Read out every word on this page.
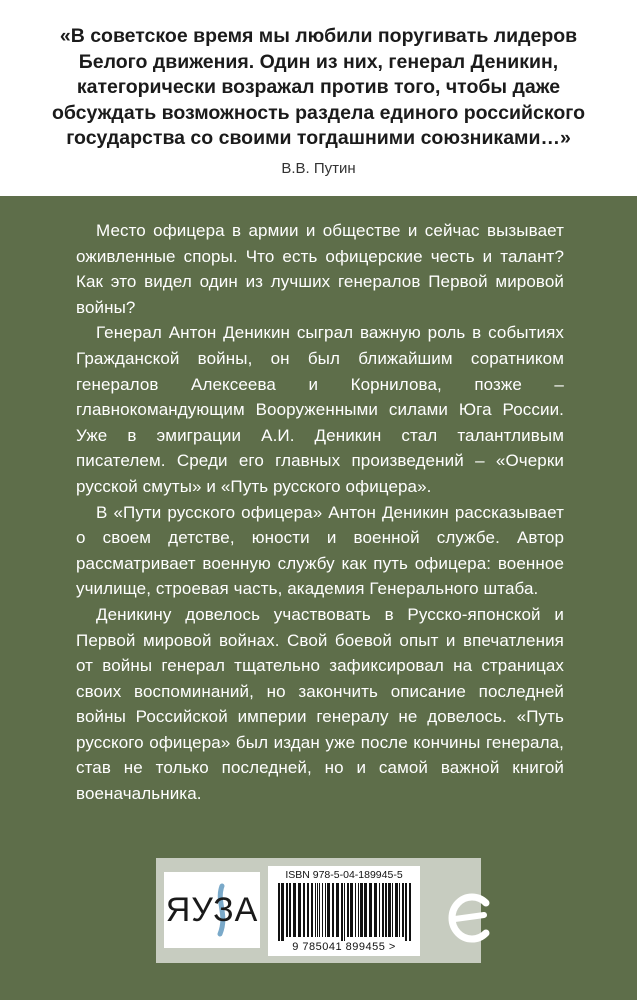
«В советское время мы любили поругивать лидеров Белого движения. Один из них, генерал Деникин, категорически возражал против того, чтобы даже обсуждать возможность раздела единого российского государства со своими тогдашними союзниками…»

В.В. Путин

Место офицера в армии и обществе и сейчас вызывает оживленные споры. Что есть офицерские честь и талант? Как это видел один из лучших генералов Первой мировой войны?

Генерал Антон Деникин сыграл важную роль в событиях Гражданской войны, он был ближайшим соратником генералов Алексеева и Корнилова, позже – главнокомандующим Вооруженными силами Юга России. Уже в эмиграции А.И. Деникин стал талантливым писателем. Среди его главных произведений – «Очерки русской смуты» и «Путь русского офицера».

В «Пути русского офицера» Антон Деникин рассказывает о своем детстве, юности и военной службе. Автор рассматривает военную службу как путь офицера: военное училище, строевая часть, академия Генерального штаба.

Деникину довелось участвовать в Русско-японской и Первой мировой войнах. Свой боевой опыт и впечатления от войны генерал тщательно зафиксировал на страницах своих воспоминаний, но закончить описание последней войны Российской империи генералу не довелось. «Путь русского офицера» был издан уже после кончины генерала, став не только последней, но и самой важной книгой военачальника.

ЯУЗА
ISBN 978-5-04-189945-5
9 785041 899455 >
